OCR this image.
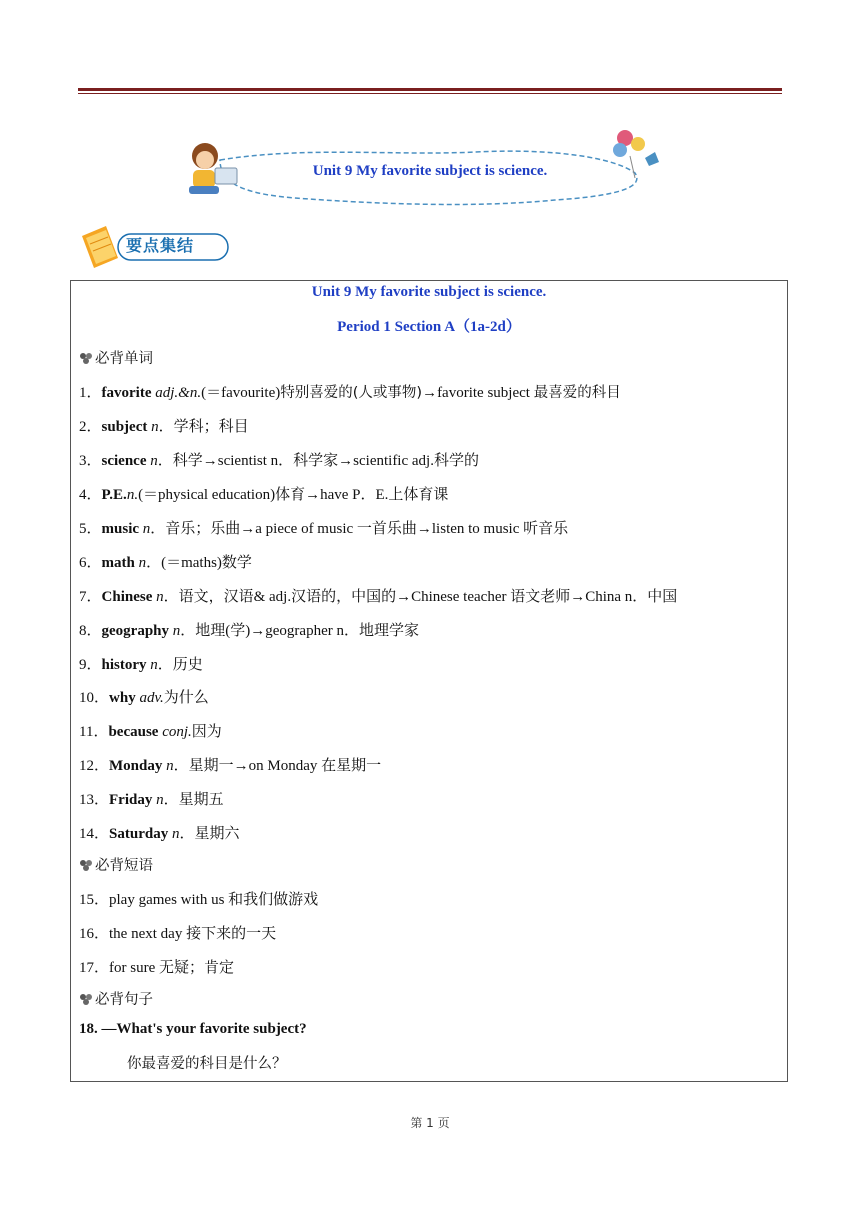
Unit 9 My favorite subject is science.
要点集结
Unit 9 My favorite subject is science.
Period 1 Section A（1a-2d）
必背单词
1．favorite adj.&n.(＝favourite)特别喜爱的(人或事物)→favorite subject 最喜爱的科目
2．subject n．学科；科目
3．science n．科学→scientist n．科学家→scientific adj.科学的
4．P.E.n.(＝physical education)体育→have P．E.上体育课
5．music n．音乐；乐曲→a piece of music 一首乐曲→listen to music 听音乐
6．math n．(＝maths)数学
7．Chinese n．语文，汉语& adj.汉语的，中国的→Chinese teacher 语文老师→China n．中国
8．geography n．地理(学)→geographer n．地理学家
9．history n．历史
10．why adv.为什么
11．because conj.因为
12．Monday n．星期一→on Monday 在星期一
13．Friday n．星期五
14．Saturday n．星期六
必背短语
15．play games with us 和我们做游戏
16．the next day 接下来的一天
17．for sure 无疑；肯定
必背句子
18. —What's your favorite subject?
你最喜爱的科目是什么？
第 1 页
